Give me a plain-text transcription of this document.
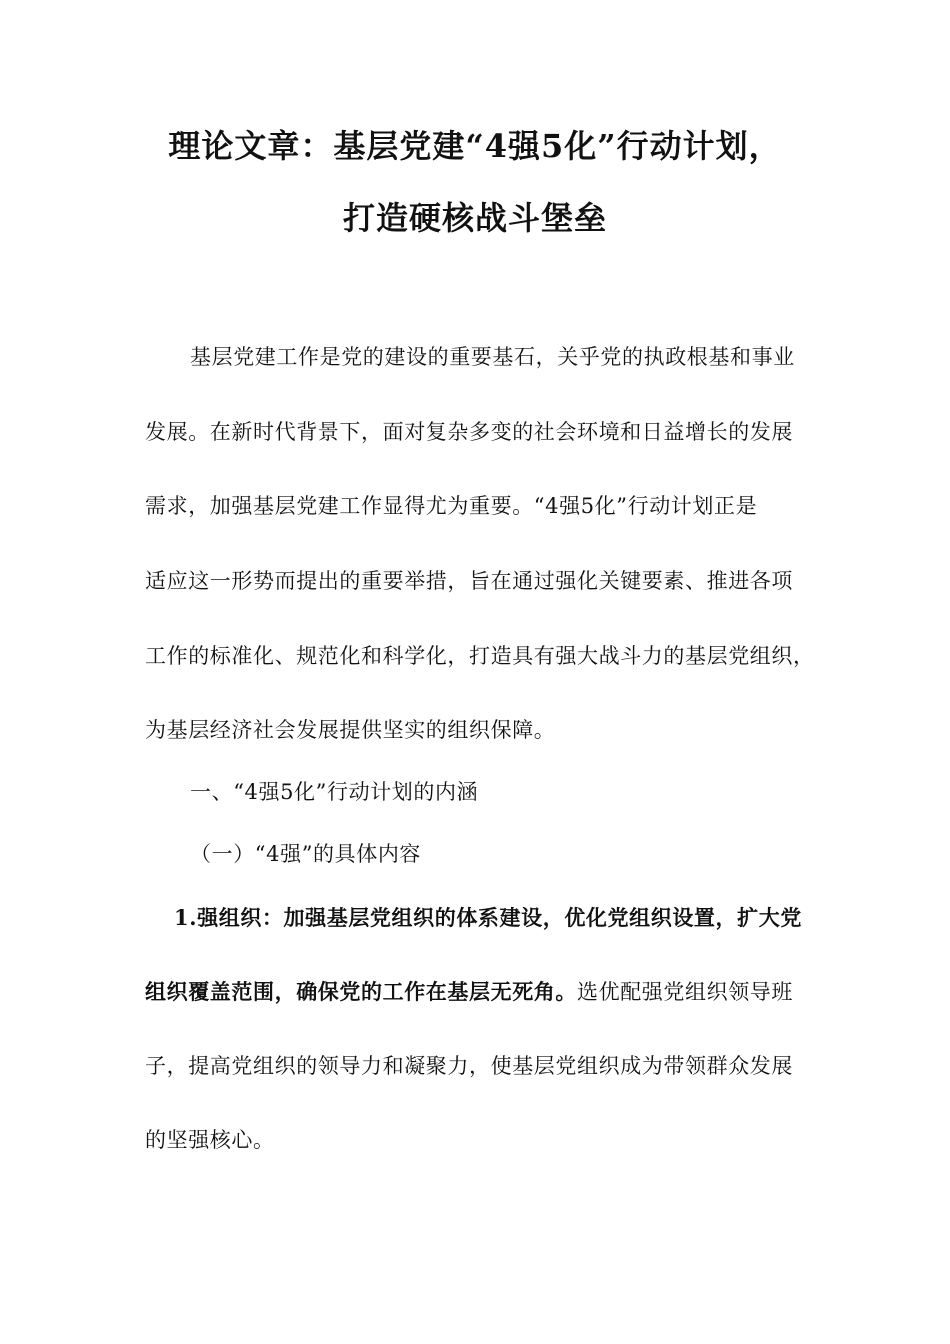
理论文章：基层党建“4强5化”行动计划，
打造硬核战斗堡垒
基层党建工作是党的建设的重要基石，关乎党的执政根基和事业
发展。在新时代背景下，面对复杂多变的社会环境和日益增长的发展
需求，加强基层党建工作显得尤为重要。“4强5化”行动计划正是
适应这一形势而提出的重要举措，旨在通过强化关键要素、推进各项
工作的标准化、规范化和科学化，打造具有强大战斗力的基层党组织，
为基层经济社会发展提供坚实的组织保障。
一、“4强5化”行动计划的内涵
（一）“4强”的具体内容
1.强组织：加强基层党组织的体系建设，优化党组织设置，扩大党
组织覆盖范围，确保党的工作在基层无死角。选优配强党组织领导班
子，提高党组织的领导力和凝聚力，使基层党组织成为带领群众发展
的坚强核心。
